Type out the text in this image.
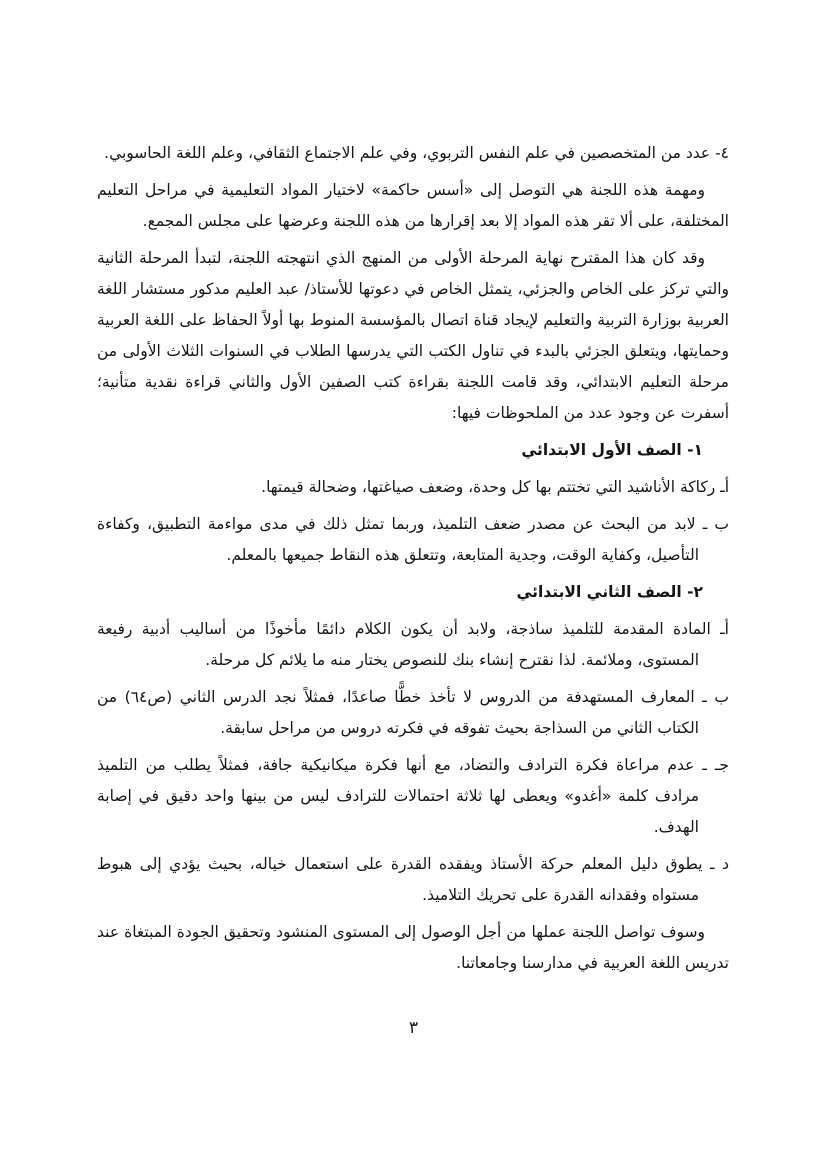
٤- عدد من المتخصصين في علم النفس التربوي، وفي علم الاجتماع الثقافي، وعلم اللغة الحاسوبي.
ومهمة هذه اللجنة هي التوصل إلى «أسس حاكمة» لاختيار المواد التعليمية في مراحل التعليم المختلفة، على ألا تقر هذه المواد إلا بعد إقرارها من هذه اللجنة وعرضها على مجلس المجمع.
وقد كان هذا المقترح نهاية المرحلة الأولى من المنهج الذي انتهجته اللجنة، لتبدأ المرحلة الثانية والتي تركز على الخاص والجزئي، يتمثل الخاص في دعوتها للأستاذ/ عبد العليم مدكور مستشار اللغة العربية بوزارة التربية والتعليم لإيجاد قناة اتصال بالمؤسسة المنوط بها أولاً الحفاظ على اللغة العربية وحمايتها، ويتعلق الجزئي بالبدء في تناول الكتب التي يدرسها الطلاب في السنوات الثلاث الأولى من مرحلة التعليم الابتدائي، وقد قامت اللجنة بقراءة كتب الصفين الأول والثاني قراءة نقدية متأنية؛ أسفرت عن وجود عدد من الملحوظات فيها:
١- الصف الأول الابتدائي
أـ ركاكة الأناشيد التي تختتم بها كل وحدة، وضعف صياغتها، وضحالة قيمتها.
ب ـ لابد من البحث عن مصدر ضعف التلميذ، وربما تمثل ذلك في مدى مواءمة التطبيق، وكفاءة التأصيل، وكفاية الوقت، وجدية المتابعة، وتتعلق هذه النقاط جميعها بالمعلم.
٢- الصف الثاني الابتدائي
أـ المادة المقدمة للتلميذ ساذجة، ولابد أن يكون الكلام دائمًا مأخوذًا من أساليب أدبية رفيعة المستوى، وملائمة. لذا نقترح إنشاء بنك للنصوص يختار منه ما يلائم كل مرحلة.
ب ـ المعارف المستهدفة من الدروس لا تأخذ خطًّا صاعدًا، فمثلاً نجد الدرس الثاني (ص٦٤) من الكتاب الثاني من السذاجة بحيث تفوقه في فكرته دروس من مراحل سابقة.
جـ ـ عدم مراعاة فكرة الترادف والتضاد، مع أنها فكرة ميكانيكية جافة، فمثلاً يطلب من التلميذ مرادف كلمة «أغدو» ويعطى لها ثلاثة احتمالات للترادف ليس من بينها واحد دقيق في إصابة الهدف.
د ـ يطوق دليل المعلم حركة الأستاذ ويفقده القدرة على استعمال خياله، بحيث يؤدي إلى هبوط مستواه وفقدانه القدرة على تحريك التلاميذ.
وسوف تواصل اللجنة عملها من أجل الوصول إلى المستوى المنشود وتحقيق الجودة المبتغاة عند تدريس اللغة العربية في مدارسنا وجامعاتنا.
٣
